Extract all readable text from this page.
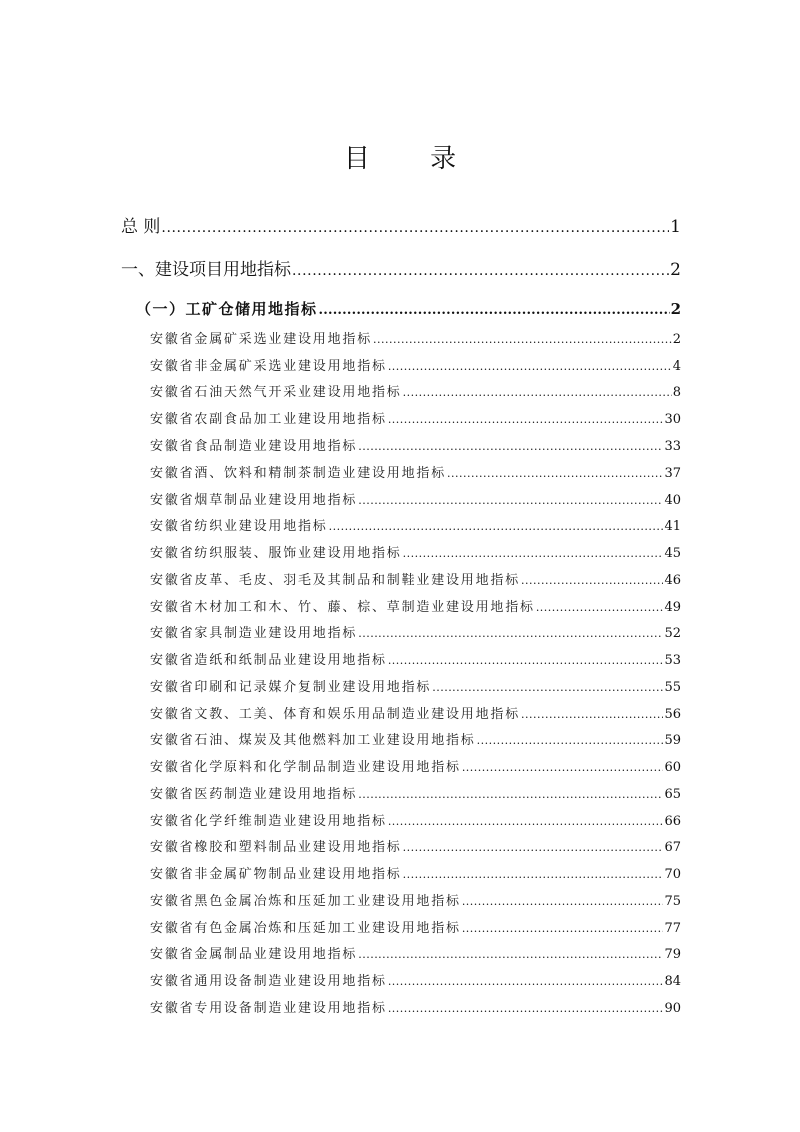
目 录
总 则 .....	1
一、建设项目用地指标 .....	2
（一）工矿仓储用地指标 .....	2
安徽省金属矿采选业建设用地指标 .....	2
安徽省非金属矿采选业建设用地指标 .....	4
安徽省石油天然气开采业建设用地指标 .....	8
安徽省农副食品加工业建设用地指标 .....	30
安徽省食品制造业建设用地指标 .....	33
安徽省酒、饮料和精制茶制造业建设用地指标 .....	37
安徽省烟草制品业建设用地指标 .....	40
安徽省纺织业建设用地指标 .....	41
安徽省纺织服装、服饰业建设用地指标 .....	45
安徽省皮革、毛皮、羽毛及其制品和制鞋业建设用地指标 .....	46
安徽省木材加工和木、竹、藤、棕、草制造业建设用地指标 .....	49
安徽省家具制造业建设用地指标 .....	52
安徽省造纸和纸制品业建设用地指标 .....	53
安徽省印刷和记录媒介复制业建设用地指标 .....	55
安徽省文教、工美、体育和娱乐用品制造业建设用地指标 .....	56
安徽省石油、煤炭及其他燃料加工业建设用地指标 .....	59
安徽省化学原料和化学制品制造业建设用地指标 .....	60
安徽省医药制造业建设用地指标 .....	65
安徽省化学纤维制造业建设用地指标 .....	66
安徽省橡胶和塑料制品业建设用地指标 .....	67
安徽省非金属矿物制品业建设用地指标 .....	70
安徽省黑色金属冶炼和压延加工业建设用地指标 .....	75
安徽省有色金属冶炼和压延加工业建设用地指标 .....	77
安徽省金属制品业建设用地指标 .....	79
安徽省通用设备制造业建设用地指标 .....	84
安徽省专用设备制造业建设用地指标 .....	90
